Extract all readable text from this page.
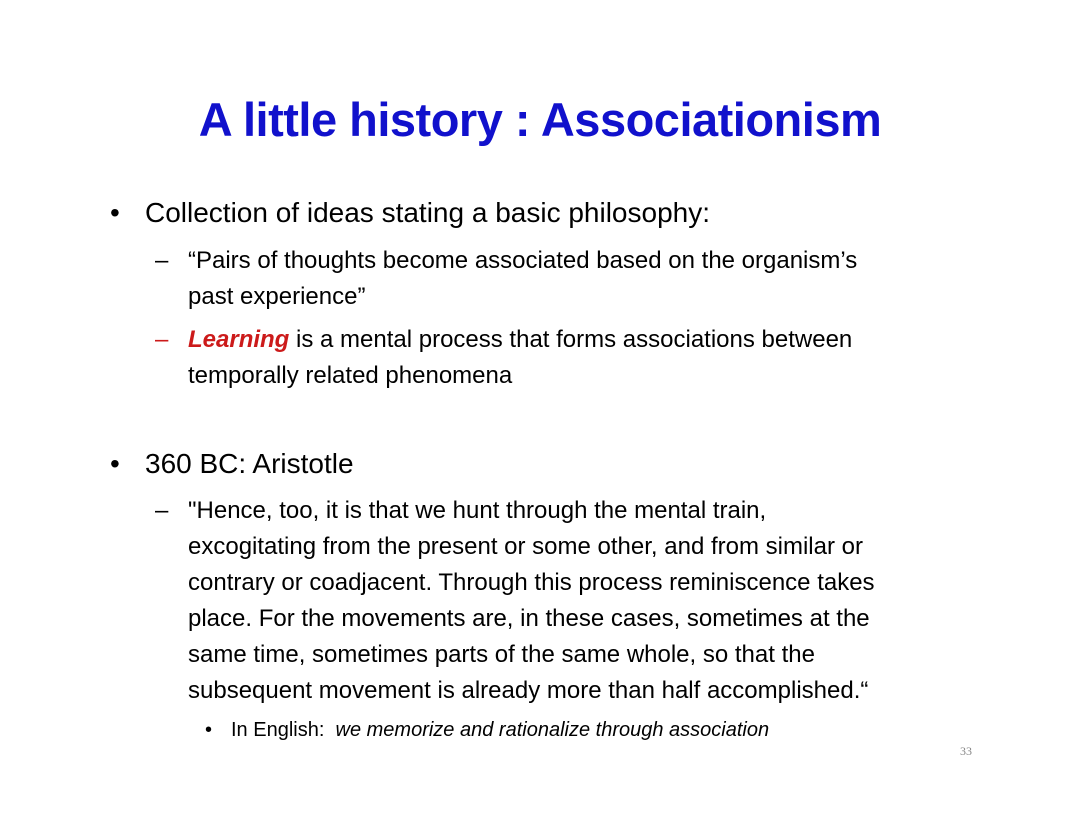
A little history : Associationism
• Collection of ideas stating a basic philosophy:
– “Pairs of thoughts become associated based on the organism’s
past experience”
– Learning is a mental process that forms associations between
temporally related phenomena
• 360 BC: Aristotle
– "Hence, too, it is that we hunt through the mental train,
excogitating from the present or some other, and from similar or
contrary or coadjacent. Through this process reminiscence takes
place. For the movements are, in these cases, sometimes at the
same time, sometimes parts of the same whole, so that the
subsequent movement is already more than half accomplished.“
• In English:  we memorize and rationalize through association
33
